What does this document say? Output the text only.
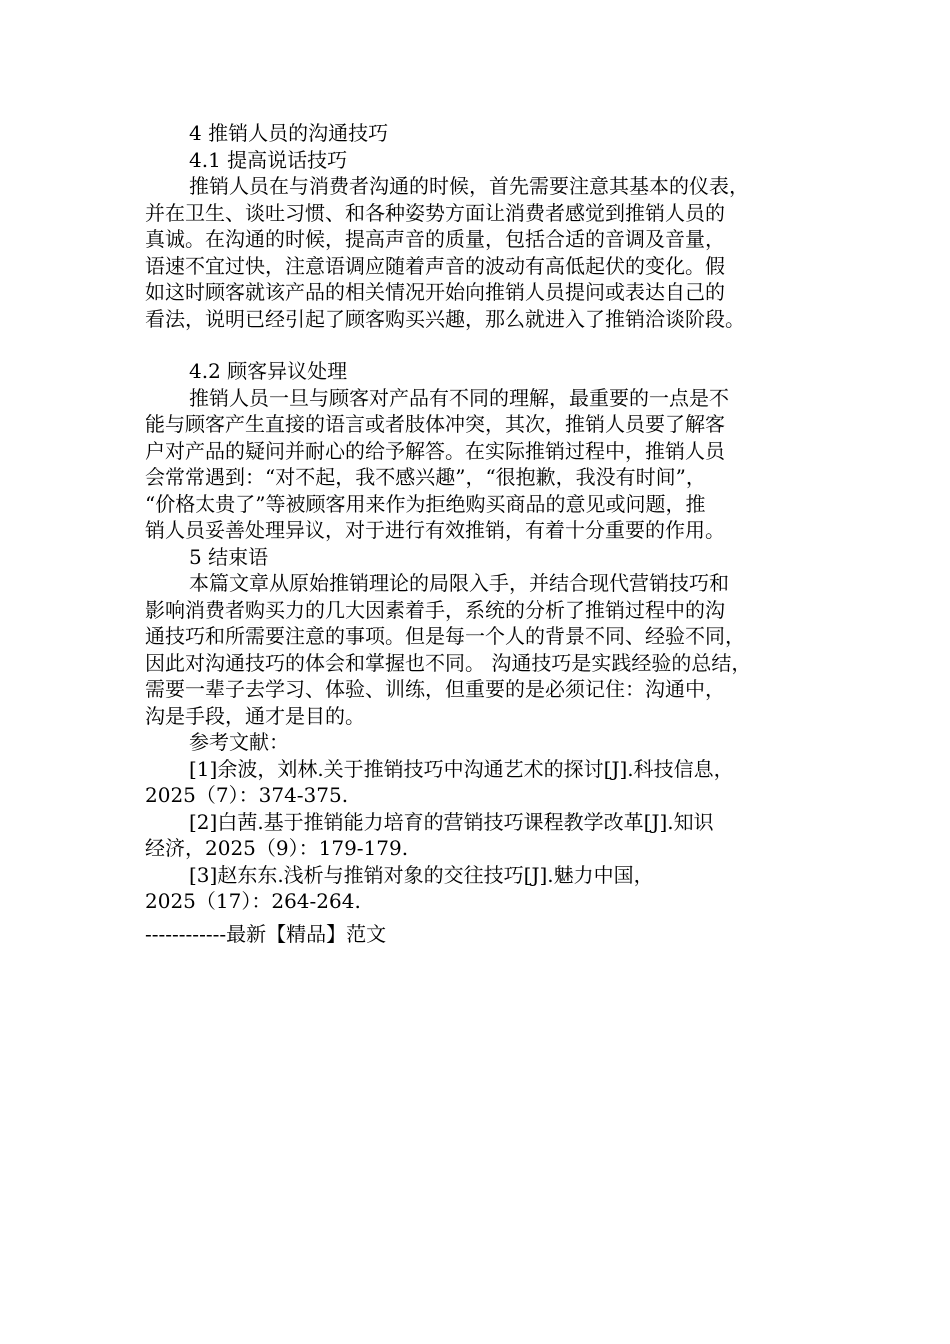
4 推销人员的沟通技巧
4.1 提高说话技巧
推销人员在与消费者沟通的时候，首先需要注意其基本的仪表，
并在卫生、谈吐习惯、和各种姿势方面让消费者感觉到推销人员的
真诚。在沟通的时候，提高声音的质量，包括合适的音调及音量，
语速不宜过快，注意语调应随着声音的波动有高低起伏的变化。假
如这时顾客就该产品的相关情况开始向推销人员提问或表达自己的
看法，说明已经引起了顾客购买兴趣，那么就进入了推销洽谈阶段。
4.2 顾客异议处理
推销人员一旦与顾客对产品有不同的理解，最重要的一点是不
能与顾客产生直接的语言或者肢体冲突，其次，推销人员要了解客
户对产品的疑问并耐心的给予解答。在实际推销过程中，推销人员
会常常遇到：“对不起，我不感兴趣”，“很抱歉，我没有时间”，
“价格太贵了”等被顾客用来作为拒绝购买商品的意见或问题，推
销人员妥善处理异议，对于进行有效推销，有着十分重要的作用。
5 结束语
本篇文章从原始推销理论的局限入手，并结合现代营销技巧和
影响消费者购买力的几大因素着手，系统的分析了推销过程中的沟
通技巧和所需要注意的事项。但是每一个人的背景不同、经验不同，
因此对沟通技巧的体会和掌握也不同。 沟通技巧是实践经验的总结，
需要一辈子去学习、体验、训练，但重要的是必须记住：沟通中，
沟是手段，通才是目的。
参考文献：
[1]余波，刘林.关于推销技巧中沟通艺术的探讨[J].科技信息，
2025（7）：374-375.
[2]白茜.基于推销能力培育的营销技巧课程教学改革[J].知识
经济，2025（9）：179-179.
[3]赵东东.浅析与推销对象的交往技巧[J].魅力中国，
2025（17）：264-264.
------------最新【精品】范文
